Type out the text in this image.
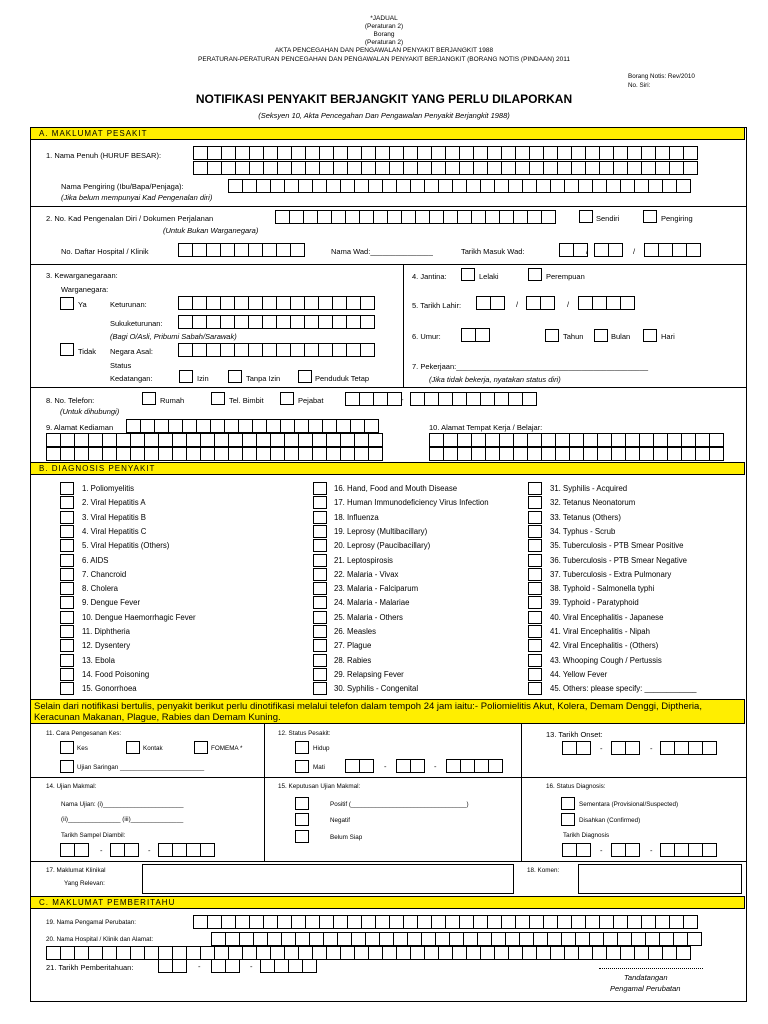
*JADUAL
(Peraturan 2)
Borang
(Peraturan 2)
AKTA PENCEGAHAN DAN PENGAWALAN PENYAKIT BERJANGKIT 1988
PERATURAN-PERATURAN PENCEGAHAN DAN PENGAWALAN PENYAKIT BERJANGKIT (BORANG NOTIS (PINDAAN) 2011
Borang Notis: Rev/2010
No. Siri:
NOTIFIKASI PENYAKIT BERJANGKIT YANG PERLU DILAPORKAN
(Seksyen 10, Akta Pencegahan Dan Pengawalan Penyakit Berjangkit 1988)
A. MAKLUMAT PESAKIT
1. Nama Penuh (HURUF BESAR):
Nama Pengiring (Ibu/Bapa/Penjaga):
(Jika belum mempunyai Kad Pengenalan diri)
2. No. Kad Pengenalan Diri / Dokumen Perjalanan
(Untuk Bukan Warganegara)
Sendiri	Pengiring
No. Daftar Hospital / Klinik	Nama Wad:_______________	Tarikh Masuk Wad:	/	/
3. Kewarganegaraan:
Warganegara:
Ya	Keturunan:
Sukuketurunan:
(Bagi O/Asli, Pribumi Sabah/Sarawak)
Tidak Negara Asal:
Status
Kedatangan:	Izin	Tanpa Izin	Penduduk Tetap
4. Jantina:	Lelaki	Perempuan
5. Tarikh Lahir:	/	/
6. Umur:	Tahun	Bulan	Hari
7. Pekerjaan:______________________________________________
(Jika tidak bekerja, nyatakan status diri)
8. No. Telefon:
(Untuk dihubungi)
Rumah	Tel. Bimbit	Pejabat	-
9. Alamat Kediaman	10. Alamat Tempat Kerja / Belajar:
B. DIAGNOSIS PENYAKIT
1. Poliomyelitis
2. Viral Hepatitis A
3. Viral Hepatitis B
4. Viral Hepatitis C
5. Viral Hepatitis (Others)
6. AIDS
7. Chancroid
8. Cholera
9. Dengue Fever
10. Dengue Haemorrhagic Fever
11. Diphtheria
12. Dysentery
13. Ebola
14. Food Poisoning
15. Gonorrhoea
16. Hand, Food and Mouth Disease
17. Human Immunodeficiency Virus Infection
18. Influenza
19. Leprosy (Multibacillary)
20. Leprosy (Paucibacillary)
21. Leptospirosis
22. Malaria - Vivax
23. Malaria - Falciparum
24. Malaria - Malariae
25. Malaria - Others
26. Measles
27. Plague
28. Rabies
29. Relapsing Fever
30. Syphilis - Congenital
31. Syphilis - Acquired
32. Tetanus Neonatorum
33. Tetanus (Others)
34. Typhus - Scrub
35. Tuberculosis - PTB Smear Positive
36. Tuberculosis - PTB Smear Negative
37. Tuberculosis - Extra Pulmonary
38. Typhoid - Salmonella typhi
39. Typhoid - Paratyphoid
40. Viral Encephalitis - Japanese
41. Viral Encephalitis - Nipah
42. Viral Encephalitis - (Others)
43. Whooping Cough / Pertussis
44. Yellow Fever
45. Others: please specify: ____________
Selain dari notifikasi bertulis, penyakit berikut perlu dinotifikasi melalui telefon dalam tempoh 24 jam iaitu:- Poliomielitis Akut, Kolera, Demam Denggi, Diptheria, Keracunan Makanan, Plague, Rabies dan Demam Kuning.
11. Cara Pengesanan Kes:
Kes	Kontak	FOMEMA *
Ujian Saringan ________________________
12. Status Pesakit:
Hidup
Mati	-	-
13. Tarikh Onset:
-	-
14. Ujian Makmal:
Nama Ujian: (i)_______________________
(ii)_______________ (iii)_______________
Tarikh Sampel Diambil:
-	-
15. Keputusan Ujian Makmal:
Positif (_________________________________)
Negatif
Belum Siap
16. Status Diagnosis:
Sementara (Provisional/Suspected)
Disahkan (Confirmed)
Tarikh Diagnosis
-	-
17. Maklumat Klinikal
Yang Relevan:
18. Komen:
C. MAKLUMAT PEMBERITAHU
19. Nama Pengamal Perubatan:
20. Nama Hospital / Klinik dan Alamat:
21. Tarikh Pemberitahuan:	-	-
Tandatangan
Pengamal Perubatan
